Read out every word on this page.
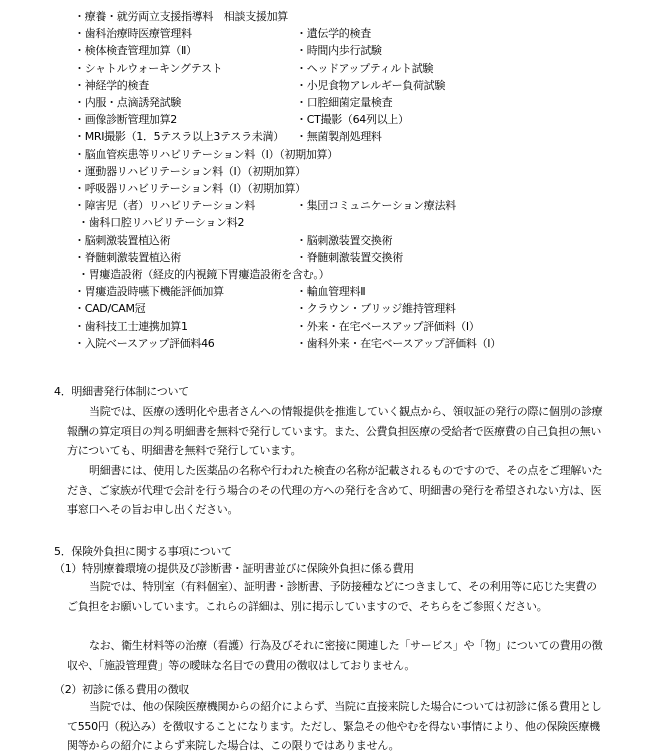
・療養・就労両立支援指導料　相談支援加算
・歯科治療時医療管理料	・遺伝学的検査
・検体検査管理加算（Ⅱ）	・時間内歩行試験
・シャトルウォーキングテスト	・ヘッドアップティルト試験
・神経学的検査	・小児食物アレルギー負荷試験
・内服・点滴誘発試験	・口腔細菌定量検査
・画像診断管理加算2	・CT撮影（64列以上）
・MRI撮影（1．5テスラ以上3テスラ未満） ・無菌製剤処理料
・脳血管疾患等リハビリテーション料（Ⅰ）（初期加算）
・運動器リハビリテーション料（Ⅰ）（初期加算）
・呼吸器リハビリテーション料（Ⅰ）（初期加算）
・障害児（者）リハビリテーション料	・集団コミュニケーション療法料
・歯科口腔リハビリテーション料2
・脳刺激装置植込術	・脳刺激装置交換術
・脊髄刺激装置植込術	・脊髄刺激装置交換術
・胃瘻造設術（経皮的内視鏡下胃瘻造設術を含む。）
・胃瘻造設時嚥下機能評価加算	・輸血管理料Ⅱ
・CAD/CAM冠	・クラウン・ブリッジ維持管理料
・歯科技工士連携加算1	・外来・在宅ベースアップ評価料（Ⅰ）
・入院ベースアップ評価料46	・歯科外来・在宅ベースアップ評価料（Ⅰ）
4．明細書発行体制について
当院では、医療の透明化や患者さんへの情報提供を推進していく観点から、領収証の発行の際に個別の診療報酬の算定項目の判る明細書を無料で発行しています。また、公費負担医療の受給者で医療費の自己負担の無い方についても、明細書を無料で発行しています。
明細書には、使用した医薬品の名称や行われた検査の名称が記載されるものですので、その点をご理解いただき、ご家族が代理で会計を行う場合のその代理の方への発行を含めて、明細書の発行を希望されない方は、医事窓口へその旨お申し出ください。
5．保険外負担に関する事項について
（1）特別療養環境の提供及び診断書・証明書並びに保険外負担に係る費用
当院では、特別室（有料個室）、証明書・診断書、予防接種などにつきまして、その利用等に応じた実費のご負担をお願いしています。これらの詳細は、別に掲示していますので、そちらをご参照ください。
なお、衛生材料等の治療（看護）行為及びそれに密接に関連した「サービス」や「物」についての費用の徴収や、「施設管理費」等の曖昧な名目での費用の徴収はしておりません。
（2）初診に係る費用の徴収
当院では、他の保険医療機関からの紹介によらず、当院に直接来院した場合については初診に係る費用として550円（税込み）を徴収することになります。ただし、緊急その他やむを得ない事情により、他の保険医療機関等からの紹介によらず来院した場合は、この限りではありません。
